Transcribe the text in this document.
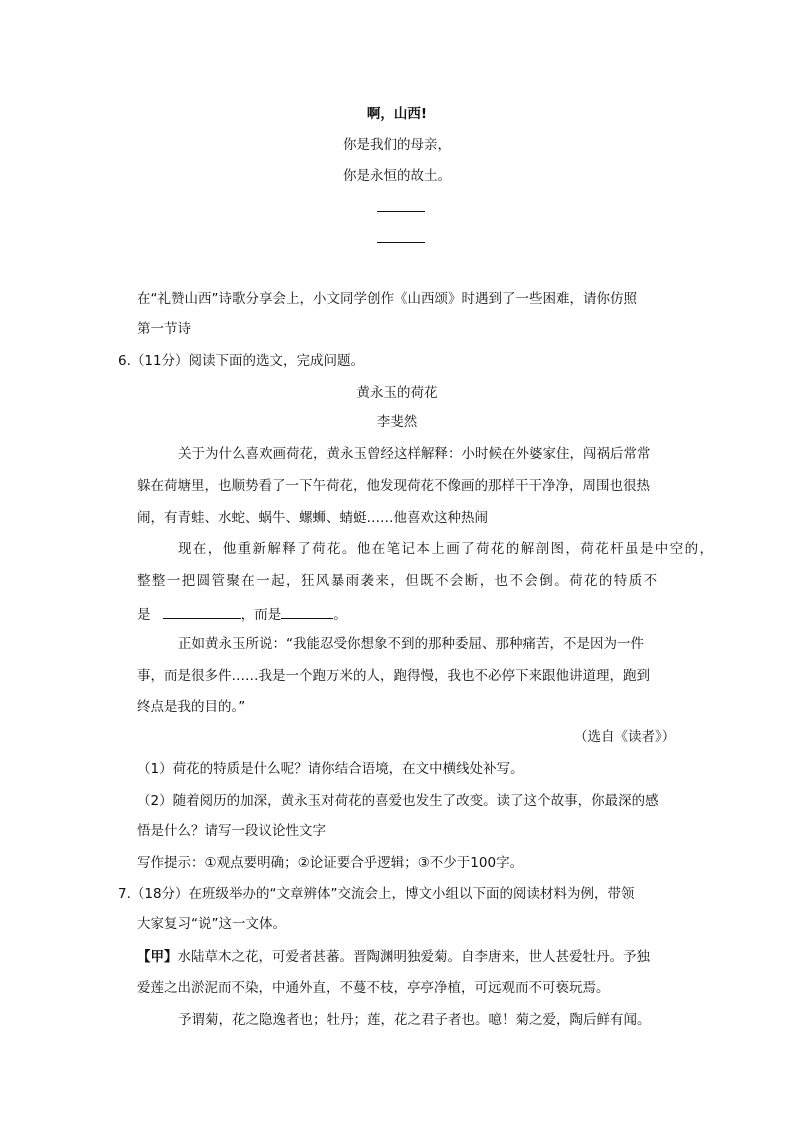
啊，山西!
你是我们的母亲，
你是永恒的故土。
在“礼赞山西”诗歌分享会上，小文同学创作《山西颂》时遇到了一些困难，请你仿照
第一节诗
6.（11分）阅读下面的选文，完成问题。
黄永玉的荷花
李斐然
关于为什么喜欢画荷花，黄永玉曾经这样解释：小时候在外婆家住，闯祸后常常
躲在荷塘里，也顺势看了一下午荷花，他发现荷花不像画的那样干干净净，周围也很热
闹，有青蛙、水蛇、蜗牛、螺蛳、蜻蜓……他喜欢这种热闹
现在，他重新解释了荷花。他在笔记本上画了荷花的解剖图，荷花杆虽是中空的，
整整一把圆管聚在一起，狂风暴雨袭来，但既不会断，也不会倒。荷花的特质不
是	，而是	。
正如黄永玉所说：“我能忍受你想象不到的那种委屈、那种痛苦，不是因为一件
事，而是很多件……我是一个跑万米的人，跑得慢，我也不必停下来跟他讲道理，跑到
终点是我的目的。”
（选自《读者》）
（1）荷花的特质是什么呢？请你结合语境，在文中横线处补写。
（2）随着阅历的加深，黄永玉对荷花的喜爱也发生了改变。读了这个故事，你最深的感
悟是什么？请写一段议论性文字
写作提示：①观点要明确；②论证要合乎逻辑；③不少于100字。
7.（18分）在班级举办的“文章辨体”交流会上，博文小组以下面的阅读材料为例，带领
大家复习“说”这一文体。
【甲】水陆草木之花，可爱者甚蕃。晋陶渊明独爱菊。自李唐来，世人甚爱牡丹。予独
爱莲之出淤泥而不染，中通外直，不蔓不枝，亭亭净植，可远观而不可亵玩焉。
予谓菊，花之隐逸者也；牡丹；莲，花之君子者也。噫！菊之爱，陶后鲜有闻。
